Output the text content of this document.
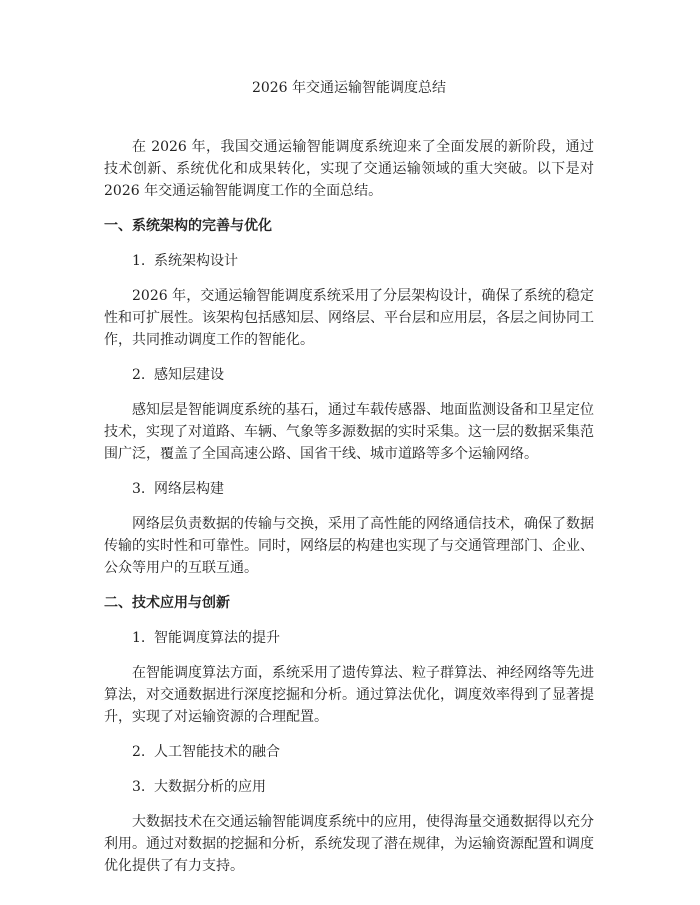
2026 年交通运输智能调度总结

在 2026 年，我国交通运输智能调度系统迎来了全面发展的新阶段，通过技术创新、系统优化和成果转化，实现了交通运输领域的重大突破。以下是对 2026 年交通运输智能调度工作的全面总结。

一、系统架构的完善与优化

1. 系统架构设计

2026 年，交通运输智能调度系统采用了分层架构设计，确保了系统的稳定性和可扩展性。该架构包括感知层、网络层、平台层和应用层，各层之间协同工作，共同推动调度工作的智能化。

2. 感知层建设

感知层是智能调度系统的基石，通过车载传感器、地面监测设备和卫星定位技术，实现了对道路、车辆、气象等多源数据的实时采集。这一层的数据采集范围广泛，覆盖了全国高速公路、国省干线、城市道路等多个运输网络。

3. 网络层构建

网络层负责数据的传输与交换，采用了高性能的网络通信技术，确保了数据传输的实时性和可靠性。同时，网络层的构建也实现了与交通管理部门、企业、公众等用户的互联互通。

二、技术应用与创新

1. 智能调度算法的提升

在智能调度算法方面，系统采用了遗传算法、粒子群算法、神经网络等先进算法，对交通数据进行深度挖掘和分析。通过算法优化，调度效率得到了显著提升，实现了对运输资源的合理配置。

2. 人工智能技术的融合

3. 大数据分析的应用

大数据技术在交通运输智能调度系统中的应用，使得海量交通数据得以充分利用。通过对数据的挖掘和分析，系统发现了潜在规律，为运输资源配置和调度优化提供了有力支持。
